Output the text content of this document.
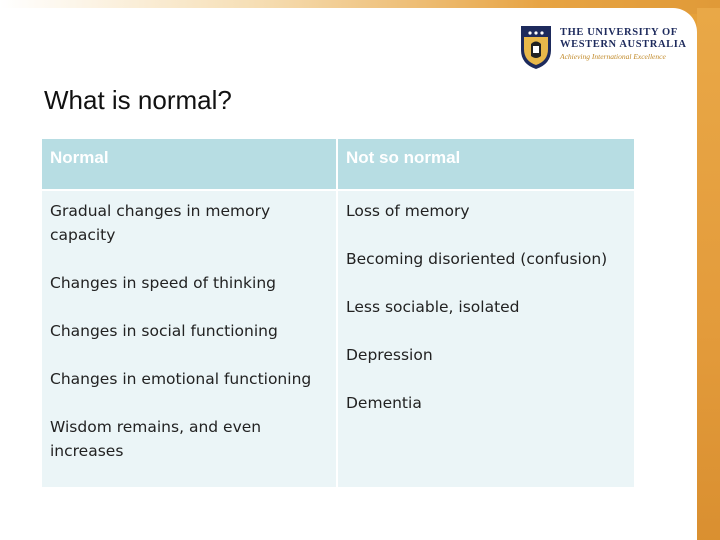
THE UNIVERSITY OF
WESTERN AUSTRALIA
Achieving International Excellence
What is normal?
Normal	Not so normal
Gradual changes in memory capacity
Changes in speed of thinking
Changes in social functioning
Changes in emotional functioning
Wisdom remains, and even increases
Loss of memory
Becoming disoriented (confusion)
Less sociable, isolated
Depression
Dementia
